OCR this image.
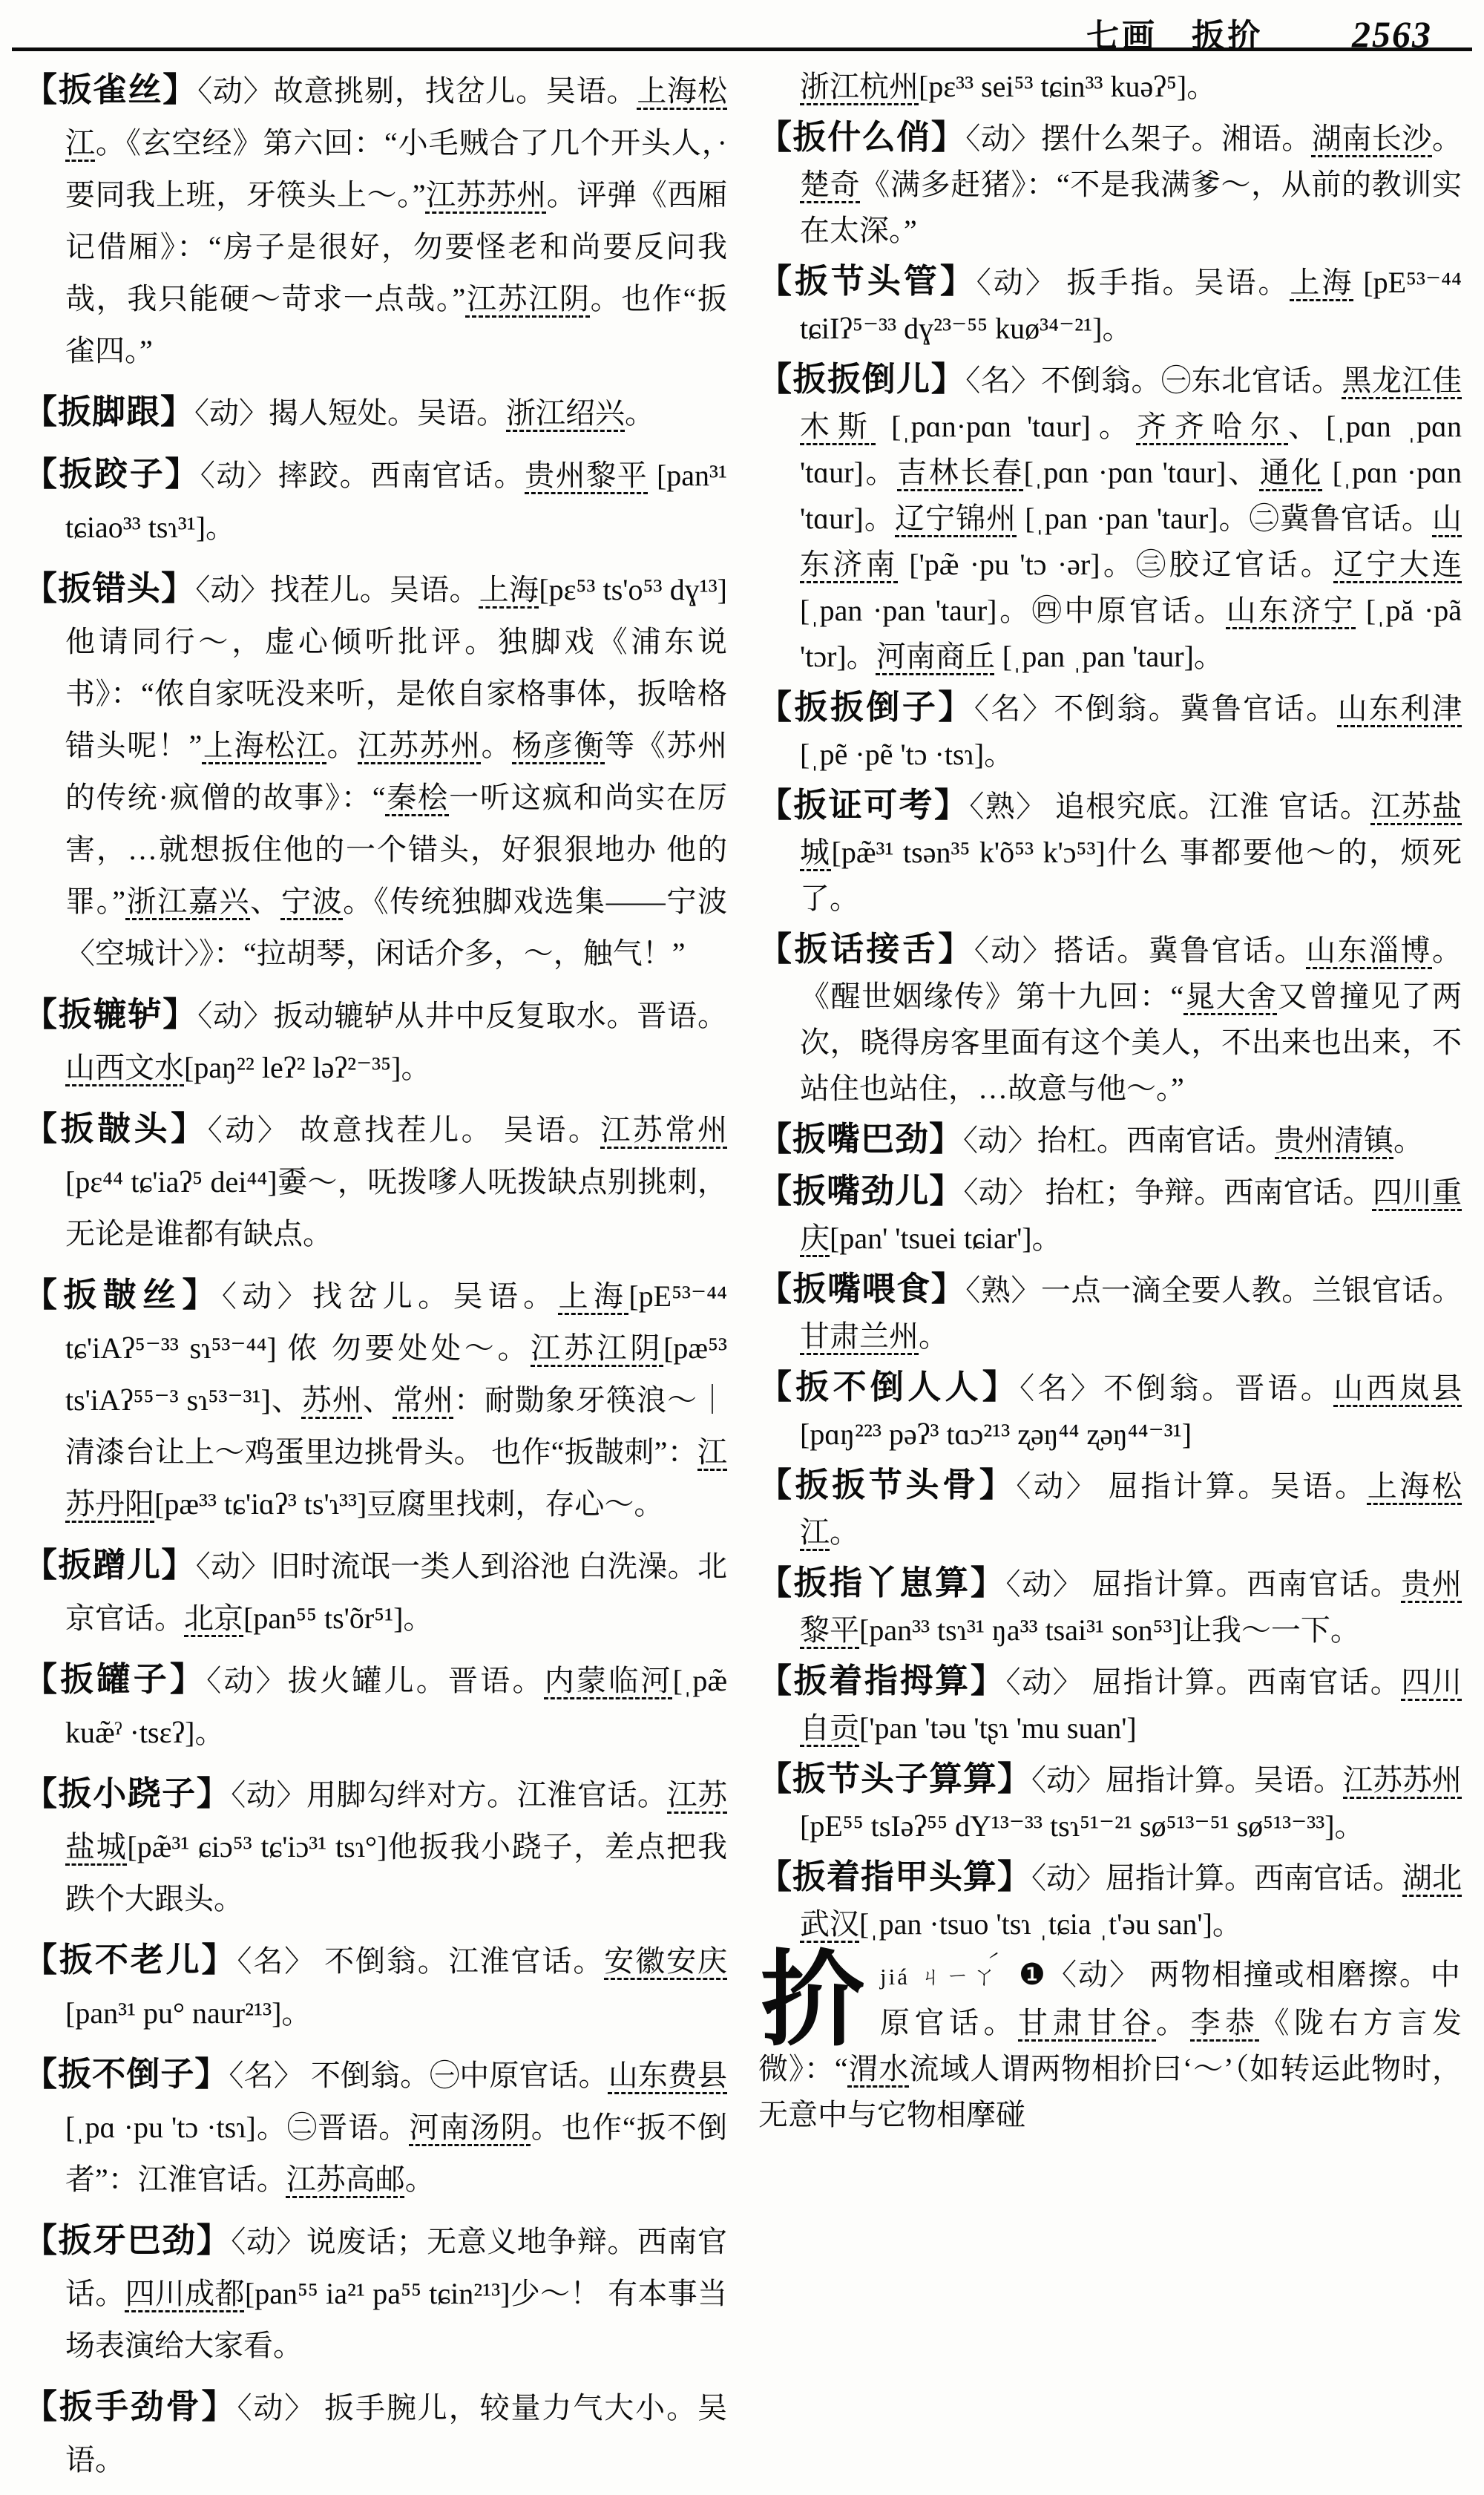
七画 扳扴 2563
【扳雀丝】〈动〉故意挑剔，找岔儿。吴语。上海松江。《玄空经》第六回：“小毛贼合了几个开头人，·要同我上班，牙筷头上～。”江苏苏州。评弹《西厢记借厢》：“房子是很好，勿要怪老和尚要反问我哉，我只能硬～苛求一点哉。”江苏江阴。也作“扳雀四。”
【扳脚跟】〈动〉揭人短处。吴语。浙江绍兴。
【扳跤子】〈动〉摔跤。西南官话。贵州黎平 [pan³¹ tɕiao³³ tsɿ³¹]。
【扳错头】〈动〉找茬儿。吴语。上海[pε⁵³ ts'o⁵³ dɣ¹³] 他请同行～，虚心倾听批评。独脚戏《浦东说书》：“侬自家呒没来听，是侬自家格事体，扳啥格错头呢！”上海松江。江苏苏州。杨彦衡等《苏州的传统·疯僧的故事》：“秦桧一听这疯和尚实在厉害，…就想扳住他的一个错头，好狠狠地办 他的罪。”浙江嘉兴、宁波。《传统独脚戏选集——宁波〈空城计〉》：“拉胡琴，闲话介多，～，触气！”
【扳辘轳】〈动〉扳动辘轳从井中反复取水。晋语。山西文水[paŋ²² leʔ² ləʔ²⁻³⁵]。
【扳皵头】〈动〉 故意找茬儿。 吴语。江苏常州[pε⁴⁴ tɕ'iaʔ⁵ dei⁴⁴]嫑～，呒拨嗲人呒拨缺点别挑刺，无论是谁都有缺点。
【扳皵丝】〈动〉找岔儿。吴语。上海[pE⁵³⁻⁴⁴ tɕ'iAʔ⁵⁻³³ sɿ⁵³⁻⁴⁴] 侬 勿要处处～。江苏江阴[pæ⁵³ ts'iAʔ⁵⁵⁻³ sɿ⁵³⁻³¹]、苏州、常州：耐勚象牙筷浪～｜清漆台让上～鸡蛋里边挑骨头。 也作“扳皵刺”：江苏丹阳[pæ³³ tɕ'iɑʔ³ ts'ɿ³³]豆腐里找刺，存心～。
【扳蹭儿】〈动〉旧时流氓一类人到浴池 白洗澡。北京官话。北京[pan⁵⁵ ts'õr⁵¹]。
【扳罐子】〈动〉拔火罐儿。晋语。内蒙临河[ˌpæ̃ kuæ̃ˀ ·tsεʔ]。
【扳小跷子】〈动〉用脚勾绊对方。江淮官话。江苏盐城[pæ̃³¹ ɕiɔ⁵³ tɕ'iɔ³¹ tsɿ°]他扳我小跷子，差点把我跌个大跟头。
【扳不老儿】〈名〉 不倒翁。江淮官话。安徽安庆[pan³¹ pu° naur²¹³]。
【扳不倒子】〈名〉 不倒翁。㊀中原官话。山东费县[ˌpɑ ·pu 'tɔ ·tsɿ]。㊁晋语。河南汤阴。也作“扳不倒者”：江淮官话。江苏高邮。
【扳牙巴劲】〈动〉说废话；无意义地争辩。西南官话。四川成都[pan⁵⁵ ia²¹ pa⁵⁵ tɕin²¹³]少～！ 有本事当场表演给大家看。
【扳手劲骨】〈动〉 扳手腕儿，较量力气大小。吴语。
浙江杭州[pε³³ sei⁵³ tɕin³³ kuəʔ⁵]。
【扳什么俏】〈动〉摆什么架子。湘语。湖南长沙。楚奇《满多赶猪》：“不是我满爹～，从前的教训实在太深。”
【扳节头管】〈动〉 扳手指。吴语。上海 [pE⁵³⁻⁴⁴ tɕiIʔ⁵⁻³³ dɣ²³⁻⁵⁵ kuø³⁴⁻²¹]。
【扳扳倒儿】〈名〉不倒翁。㊀东北官话。黑龙江佳木斯 [ˌpɑn·pɑn 'tɑur]。齐齐哈尔、[ˌpɑn ˌpɑn 'tɑur]。吉林长春[ˌpɑn ·pɑn 'tɑur]、通化 [ˌpɑn ·pɑn 'tɑur]。辽宁锦州 [ˌpan ·pan 'taur]。㊁冀鲁官话。山东济南 ['pæ̃ ·pu 'tɔ ·ər]。㊂胶辽官话。辽宁大连[ˌpan ·pan 'taur]。㊃中原官话。山东济宁 [ˌpă ·pã 'tɔr]。河南商丘 [ˌpan ˌpan 'taur]。
【扳扳倒子】〈名〉不倒翁。冀鲁官话。山东利津 [ˌpẽ ·pẽ 'tɔ ·tsɿ]。
【扳证可考】〈熟〉 追根究底。江淮 官话。江苏盐城[pæ̃³¹ tsən³⁵ k'õ⁵³ k'ɔ⁵³]什么 事都要他～的，烦死了。
【扳话接舌】〈动〉搭话。冀鲁官话。山东淄博。《醒世姻缘传》第十九回：“晁大舍又曾撞见了两次，晓得房客里面有这个美人，不出来也出来，不站住也站住，…故意与他～。”
【扳嘴巴劲】〈动〉抬杠。西南官话。贵州清镇。
【扳嘴劲儿】〈动〉 抬杠；争辩。西南官话。四川重庆[pan' 'tsuei tɕiar']。
【扳嘴喂食】〈熟〉一点一滴全要人教。兰银官话。甘肃兰州。
【扳不倒人人】〈名〉不倒翁。晋语。山西岚县 [pɑŋ²²³ pəʔ³ tɑɔ²¹³ ʐəŋ⁴⁴ ʐəŋ⁴⁴⁻³¹]
【扳扳节头骨】〈动〉 屈指计算。吴语。上海松江。
【扳指丫崽算】〈动〉 屈指计算。西南官话。贵州黎平[pan³³ tsɿ³¹ ŋa³³ tsai³¹ son⁵³]让我～一下。
【扳着指拇算】〈动〉 屈指计算。西南官话。四川自贡['pan 'təu 'tʂɿ 'mu suan']
【扳节头子算算】〈动〉屈指计算。吴语。江苏苏州[pE⁵⁵ tsIəʔ⁵⁵ dY¹³⁻³³ tsɿ⁵¹⁻²¹ sø⁵¹³⁻⁵¹ sø⁵¹³⁻³³]。
【扳着指甲头算】〈动〉屈指计算。西南官话。湖北武汉[ˌpan ·tsuo 'tsɿ ˌtɕia ˌt'əu san']。
扴jiá ㄐㄧㄚ́ ❶〈动〉 两物相撞或相磨擦。中原官话。甘肃甘谷。李恭《陇右方言发微》：“渭水流域人谓两物相扴曰‘～’（如转运此物时，无意中与它物相摩碰
